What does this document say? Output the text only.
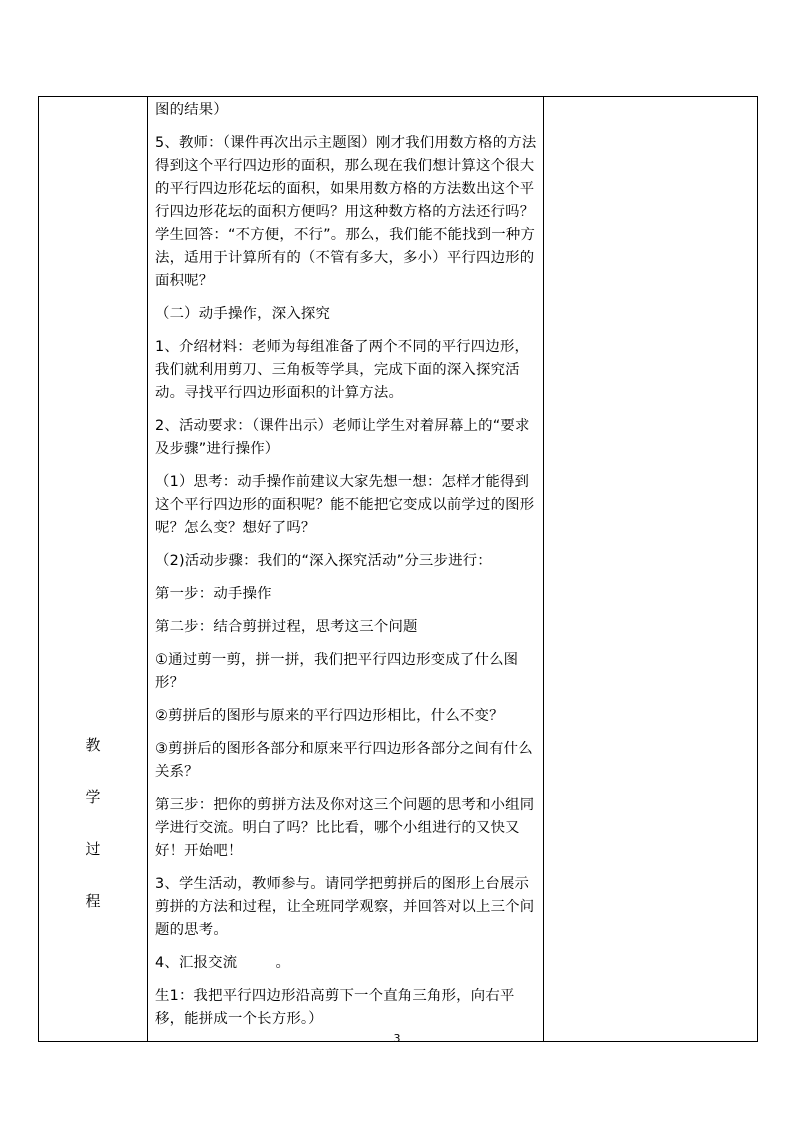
教
学
过
程

图的结果）

5、教师：（课件再次出示主题图）刚才我们用数方格的方法得到这个平行四边形的面积，那么现在我们想计算这个很大的平行四边形花坛的面积，如果用数方格的方法数出这个平行四边形花坛的面积方便吗？用这种数方格的方法还行吗？学生回答：“不方便，不行”。那么，我们能不能找到一种方法，适用于计算所有的（不管有多大，多小）平行四边形的面积呢？

（二）动手操作，深入探究

1、介绍材料：老师为每组准备了两个不同的平行四边形，我们就利用剪刀、三角板等学具，完成下面的深入探究活动。寻找平行四边形面积的计算方法。

2、活动要求：（课件出示）老师让学生对着屏幕上的“要求及步骤”进行操作）

（1）思考：动手操作前建议大家先想一想：怎样才能得到这个平行四边形的面积呢？能不能把它变成以前学过的图形呢？怎么变？想好了吗？

（2)活动步骤：我们的“深入探究活动”分三步进行：

第一步：动手操作

第二步：结合剪拼过程，思考这三个问题

①通过剪一剪，拼一拼，我们把平行四边形变成了什么图形？

②剪拼后的图形与原来的平行四边形相比，什么不变？

③剪拼后的图形各部分和原来平行四边形各部分之间有什么关系？

第三步：把你的剪拼方法及你对这三个问题的思考和小组同学进行交流。明白了吗？比比看，哪个小组进行的又快又好！开始吧！

3、学生活动，教师参与。请同学把剪拼后的图形上台展示剪拼的方法和过程，让全班同学观察，并回答对以上三个问题的思考。

4、汇报交流        。

生1：我把平行四边形沿高剪下一个直角三角形，向右平移，能拼成一个长方形。）

3
